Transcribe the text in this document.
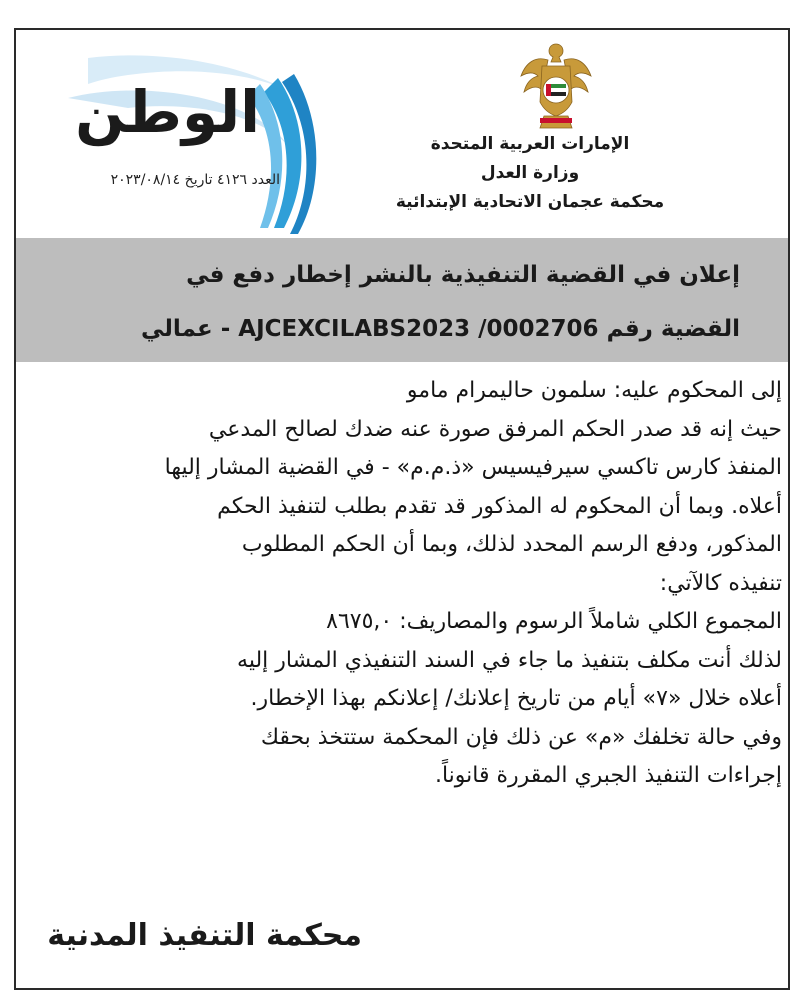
الإمارات العربية المتحدة
وزارة العدل
محكمة عجمان الاتحادية الإبتدائية
الوطن
العدد ٤١٢٦ تاريخ ٢٠٢٣/٠٨/١٤
إعلان في القضية التنفيذية بالنشر إخطار دفع في
القضية رقم AJCEXCILABS2023 /0002706 - عمالي

إلى المحكوم عليه: سلمون حاليمرام مامو

حيث إنه قد صدر الحكم المرفق صورة عنه ضدك لصالح المدعي

المنفذ كارس تاكسي سيرفيسيس «ذ.م.م» - في القضية المشار إليها

أعلاه. وبما أن المحكوم له المذكور قد تقدم بطلب لتنفيذ الحكم

المذكور، ودفع الرسم المحدد لذلك، وبما أن الحكم المطلوب

تنفيذه كالآتي:

المجموع الكلي شاملاً الرسوم والمصاريف: ٨٦٧٥,٠

لذلك أنت مكلف بتنفيذ ما جاء في السند التنفيذي المشار إليه

أعلاه خلال «٧» أيام من تاريخ إعلانك/ إعلانكم بهذا الإخطار.

وفي حالة تخلفك «م» عن ذلك فإن المحكمة ستتخذ بحقك

إجراءات التنفيذ الجبري المقررة قانوناً.

محكمة التنفيذ المدنية
